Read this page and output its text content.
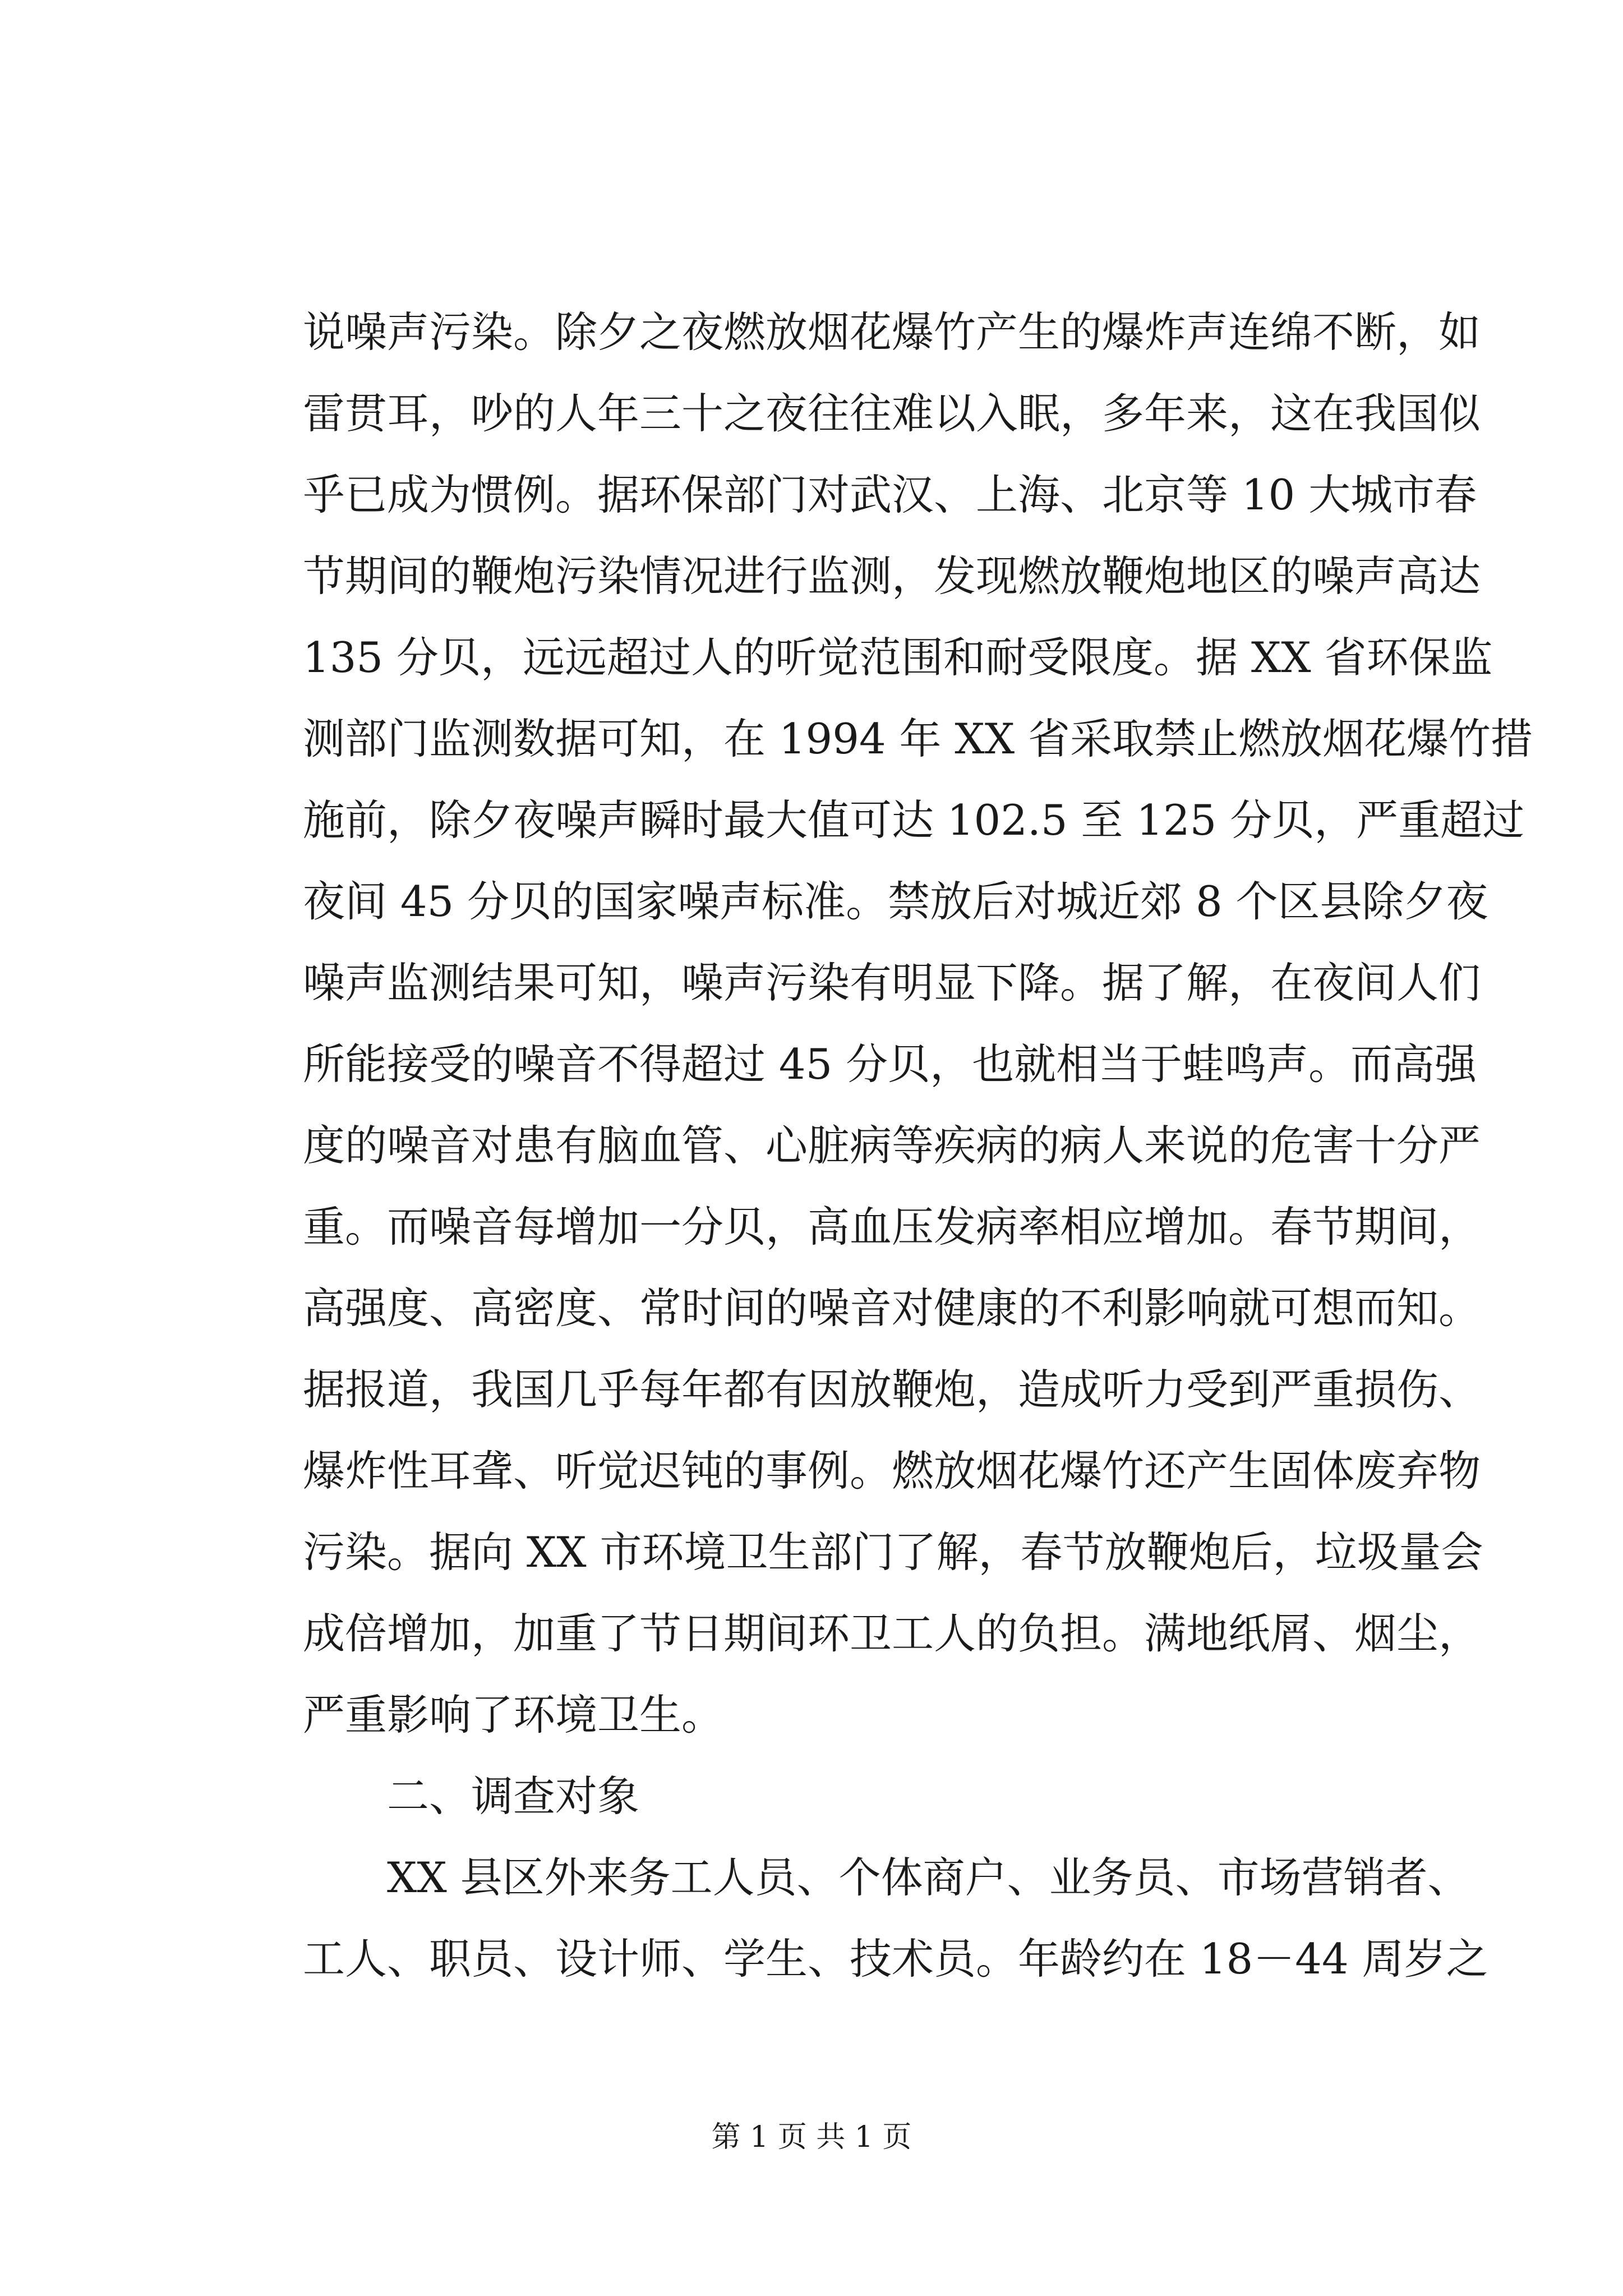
说噪声污染。除夕之夜燃放烟花爆竹产生的爆炸声连绵不断，如
雷贯耳，吵的人年三十之夜往往难以入眠，多年来，这在我国似
乎已成为惯例。据环保部门对武汉、上海、北京等 10 大城市春
节期间的鞭炮污染情况进行监测，发现燃放鞭炮地区的噪声高达
135 分贝，远远超过人的听觉范围和耐受限度。据 XX 省环保监
测部门监测数据可知，在 1994 年 XX 省采取禁止燃放烟花爆竹措
施前，除夕夜噪声瞬时最大值可达 102.5 至 125 分贝，严重超过
夜间 45 分贝的国家噪声标准。禁放后对城近郊 8 个区县除夕夜
噪声监测结果可知，噪声污染有明显下降。据了解，在夜间人们
所能接受的噪音不得超过 45 分贝，也就相当于蛙鸣声。而高强
度的噪音对患有脑血管、心脏病等疾病的病人来说的危害十分严
重。而噪音每增加一分贝，高血压发病率相应增加。春节期间，
高强度、高密度、常时间的噪音对健康的不利影响就可想而知。
据报道，我国几乎每年都有因放鞭炮，造成听力受到严重损伤、
爆炸性耳聋、听觉迟钝的事例。燃放烟花爆竹还产生固体废弃物
污染。据向 XX 市环境卫生部门了解，春节放鞭炮后，垃圾量会
成倍增加，加重了节日期间环卫工人的负担。满地纸屑、烟尘，
严重影响了环境卫生。
二、调查对象
XX 县区外来务工人员、个体商户、业务员、市场营销者、
工人、职员、设计师、学生、技术员。年龄约在 18－44 周岁之
第 1 页 共 1 页
